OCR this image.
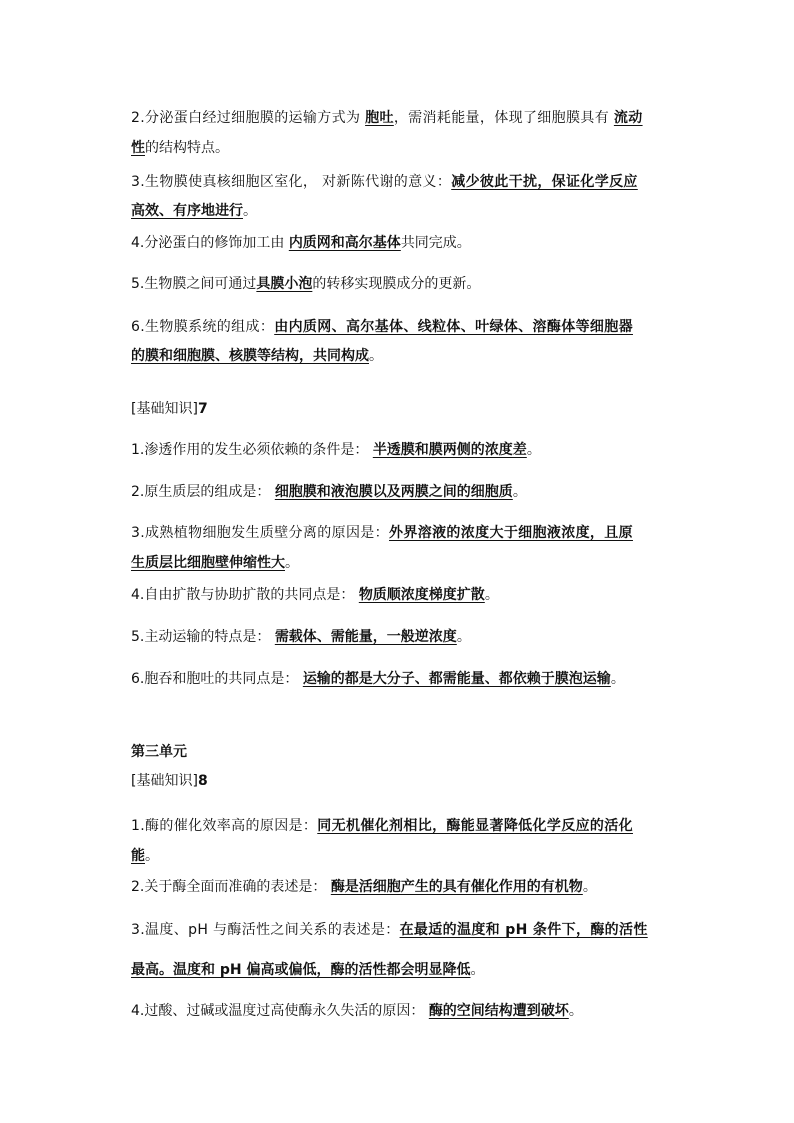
2.分泌蛋白经过细胞膜的运输方式为 胞吐，需消耗能量，体现了细胞膜具有 流动
性的结构特点。
3.生物膜使真核细胞区室化， 对新陈代谢的意义：减少彼此干扰，保证化学反应
高效、有序地进行。
4.分泌蛋白的修饰加工由 内质网和高尔基体共同完成。
5.生物膜之间可通过具膜小泡的转移实现膜成分的更新。
6.生物膜系统的组成：由内质网、高尔基体、线粒体、叶绿体、溶酶体等细胞器
的膜和细胞膜、核膜等结构，共同构成。
[基础知识]7
1.渗透作用的发生必须依赖的条件是： 半透膜和膜两侧的浓度差。
2.原生质层的组成是： 细胞膜和液泡膜以及两膜之间的细胞质。
3.成熟植物细胞发生质壁分离的原因是：外界溶液的浓度大于细胞液浓度，且原
生质层比细胞壁伸缩性大。
4.自由扩散与协助扩散的共同点是： 物质顺浓度梯度扩散。
5.主动运输的特点是： 需载体、需能量，一般逆浓度。
6.胞吞和胞吐的共同点是： 运输的都是大分子、都需能量、都依赖于膜泡运输。
第三单元
[基础知识]8
1.酶的催化效率高的原因是：同无机催化剂相比，酶能显著降低化学反应的活化
能。
2.关于酶全面而准确的表述是： 酶是活细胞产生的具有催化作用的有机物。
3.温度、pH 与酶活性之间关系的表述是：在最适的温度和 pH 条件下，酶的活性
最高。温度和 pH 偏高或偏低，酶的活性都会明显降低。
4.过酸、过碱或温度过高使酶永久失活的原因： 酶的空间结构遭到破坏。
